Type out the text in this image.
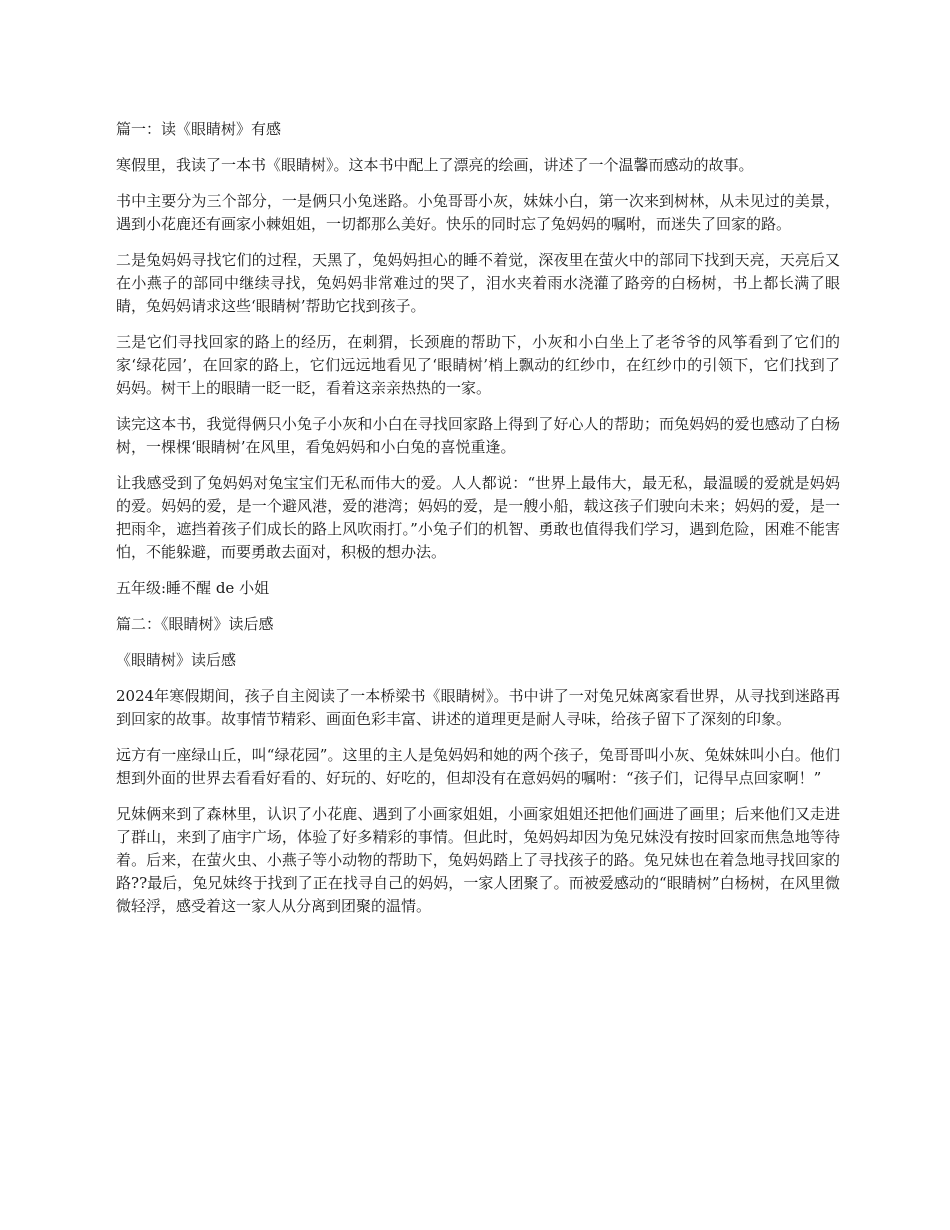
篇一：读《眼睛树》有感

寒假里，我读了一本书《眼睛树》。这本书中配上了漂亮的绘画，讲述了一个温馨而感动的故事。

书中主要分为三个部分，一是俩只小兔迷路。小兔哥哥小灰，妹妹小白，第一次来到树林，从未见过的美景，遇到小花鹿还有画家小棘姐姐，一切都那么美好。快乐的同时忘了兔妈妈的嘱咐，而迷失了回家的路。

二是兔妈妈寻找它们的过程，天黑了，兔妈妈担心的睡不着觉，深夜里在萤火中的部同下找到天亮，天亮后又在小燕子的部同中继续寻找，兔妈妈非常难过的哭了，泪水夹着雨水浇灌了路旁的白杨树，书上都长满了眼睛，兔妈妈请求这些‘眼睛树’帮助它找到孩子。

三是它们寻找回家的路上的经历，在刺猬，长颈鹿的帮助下，小灰和小白坐上了老爷爷的风筝看到了它们的家‘绿花园’，在回家的路上，它们远远地看见了‘眼睛树’梢上飘动的红纱巾，在红纱巾的引领下，它们找到了妈妈。树干上的眼睛一眨一眨，看着这亲亲热热的一家。

读完这本书，我觉得俩只小兔子小灰和小白在寻找回家路上得到了好心人的帮助；而兔妈妈的爱也感动了白杨树，一棵棵‘眼睛树’在风里，看兔妈妈和小白兔的喜悦重逢。

让我感受到了兔妈妈对兔宝宝们无私而伟大的爱。人人都说：“世界上最伟大，最无私，最温暖的爱就是妈妈的爱。妈妈的爱，是一个避风港，爱的港湾；妈妈的爱，是一艘小船，载这孩子们驶向未来；妈妈的爱，是一把雨伞，遮挡着孩子们成长的路上风吹雨打。”小兔子们的机智、勇敢也值得我们学习，遇到危险，困难不能害怕，不能躲避，而要勇敢去面对，积极的想办法。

五年级:睡不醒 de 小姐

篇二：《眼睛树》读后感

《眼睛树》读后感

2024年寒假期间，孩子自主阅读了一本桥梁书《眼睛树》。书中讲了一对兔兄妹离家看世界，从寻找到迷路再到回家的故事。故事情节精彩、画面色彩丰富、讲述的道理更是耐人寻味，给孩子留下了深刻的印象。

远方有一座绿山丘，叫“绿花园”。这里的主人是兔妈妈和她的两个孩子，兔哥哥叫小灰、兔妹妹叫小白。他们想到外面的世界去看看好看的、好玩的、好吃的，但却没有在意妈妈的嘱咐：“孩子们，记得早点回家啊！”

兄妹俩来到了森林里，认识了小花鹿、遇到了小画家姐姐，小画家姐姐还把他们画进了画里；后来他们又走进了群山，来到了庙宇广场，体验了好多精彩的事情。但此时，兔妈妈却因为兔兄妹没有按时回家而焦急地等待着。后来，在萤火虫、小燕子等小动物的帮助下，兔妈妈踏上了寻找孩子的路。兔兄妹也在着急地寻找回家的路??最后，兔兄妹终于找到了正在找寻自己的妈妈，一家人团聚了。而被爱感动的“眼睛树”白杨树，在风里微微轻浮，感受着这一家人从分离到团聚的温情。
